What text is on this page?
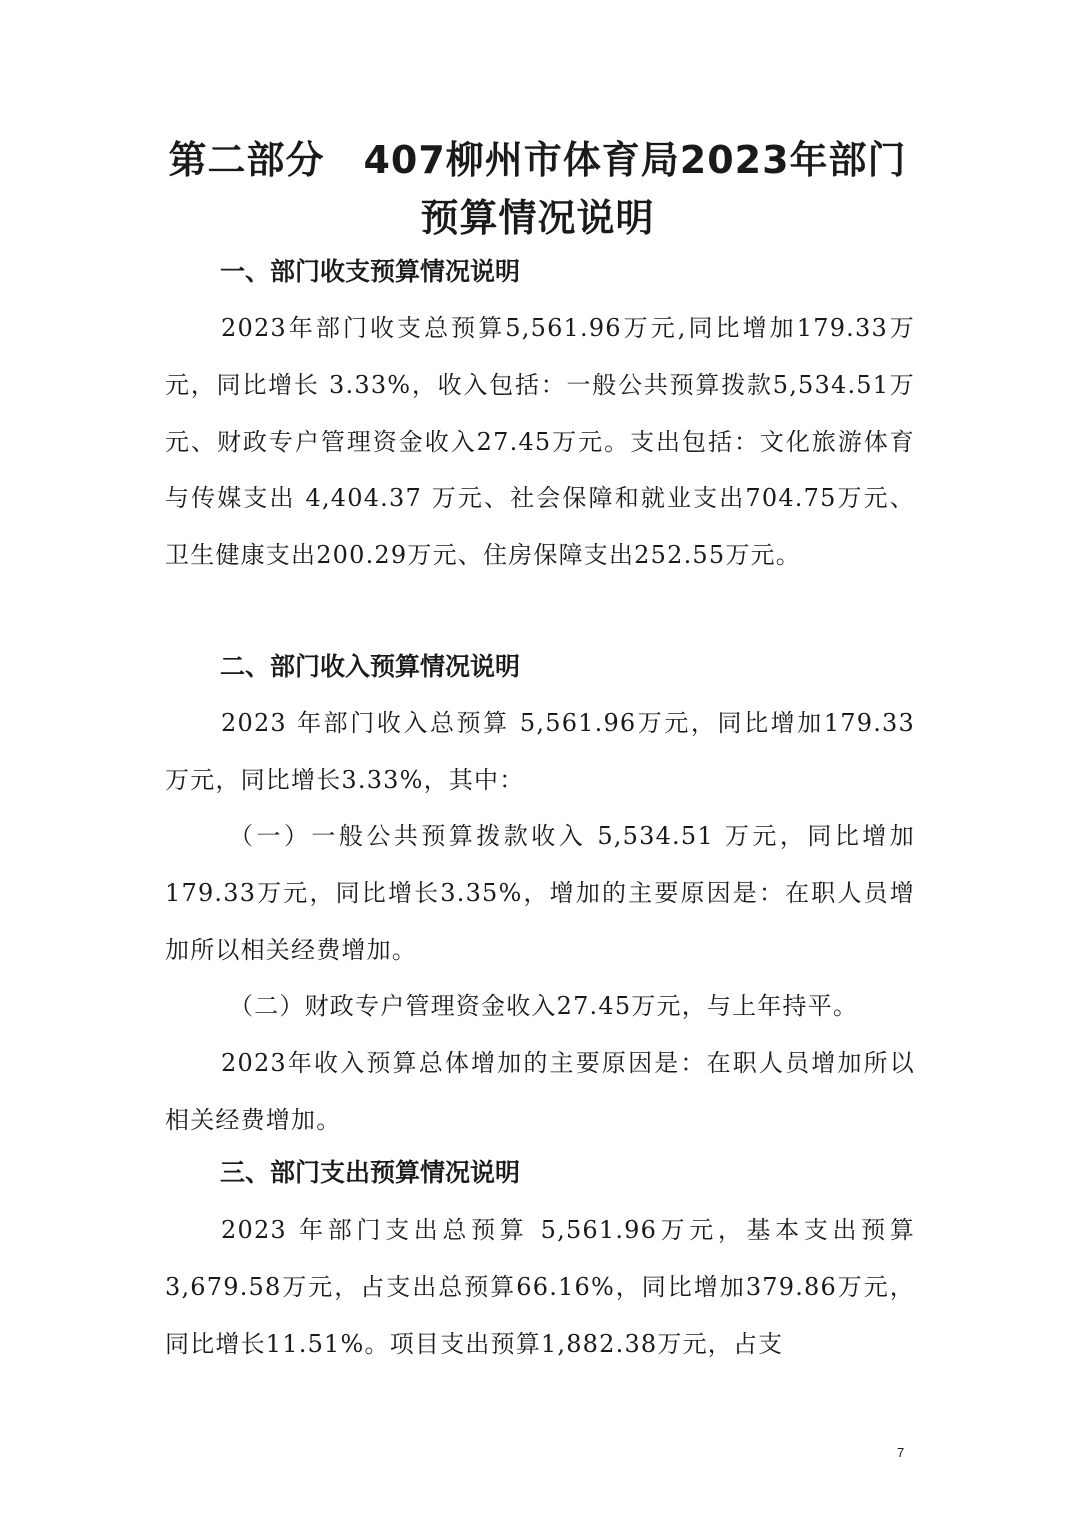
第二部分　407柳州市体育局2023年部门
预算情况说明
一、部门收支预算情况说明

2023年部门收支总预算5,561.96万元,同比增加179.33万元，同比增长 3.33%，收入包括：一般公共预算拨款5,534.51万元、财政专户管理资金收入27.45万元。支出包括：文化旅游体育与传媒支出 4,404.37 万元、社会保障和就业支出704.75万元、卫生健康支出200.29万元、住房保障支出252.55万元。

二、部门收入预算情况说明

2023 年部门收入总预算 5,561.96万元，同比增加179.33万元，同比增长3.33%，其中：

（一）一般公共预算拨款收入 5,534.51 万元，同比增加179.33万元，同比增长3.35%，增加的主要原因是：在职人员增加所以相关经费增加。

（二）财政专户管理资金收入27.45万元，与上年持平。

2023年收入预算总体增加的主要原因是：在职人员增加所以相关经费增加。

三、部门支出预算情况说明

2023 年部门支出总预算 5,561.96万元，基本支出预算3,679.58万元，占支出总预算66.16%，同比增加379.86万元，同比增长11.51%。项目支出预算1,882.38万元，占支

7
